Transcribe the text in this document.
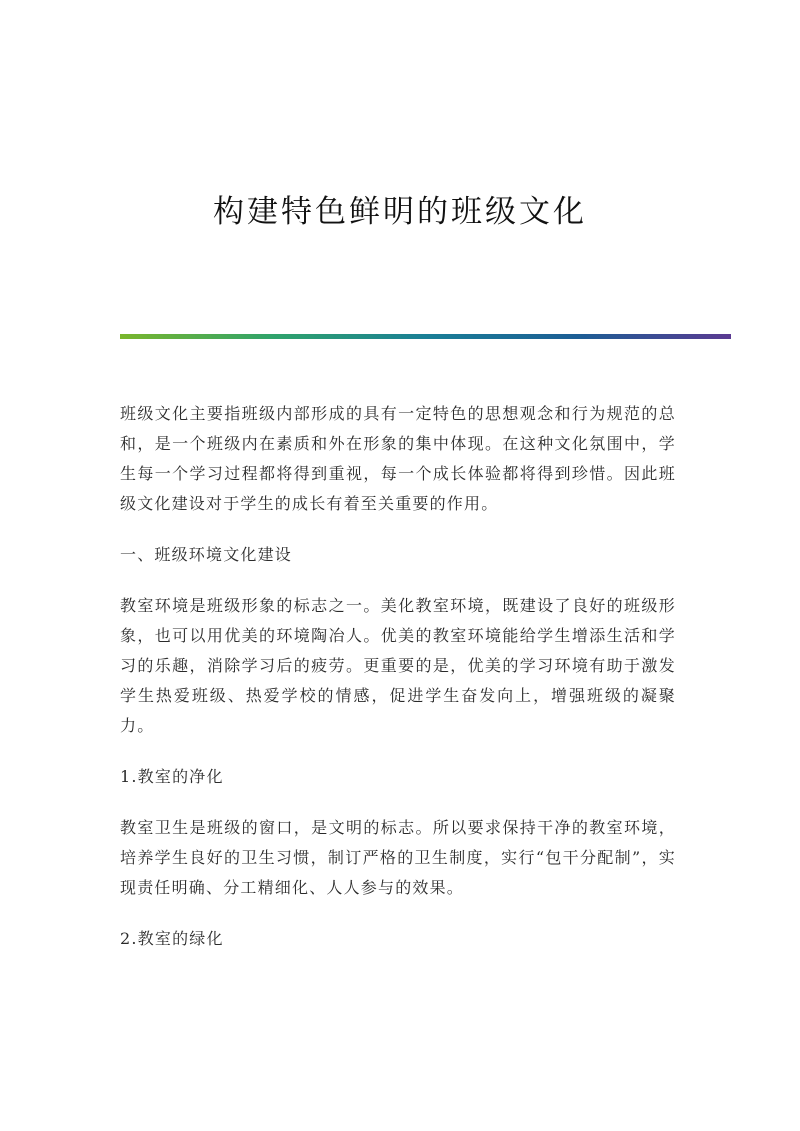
构建特色鲜明的班级文化

班级文化主要指班级内部形成的具有一定特色的思想观念和行为规范的总和，是一个班级内在素质和外在形象的集中体现。在这种文化氛围中，学生每一个学习过程都将得到重视，每一个成长体验都将得到珍惜。因此班级文化建设对于学生的成长有着至关重要的作用。

一、班级环境文化建设

教室环境是班级形象的标志之一。美化教室环境，既建设了良好的班级形象，也可以用优美的环境陶冶人。优美的教室环境能给学生增添生活和学习的乐趣，消除学习后的疲劳。更重要的是，优美的学习环境有助于激发学生热爱班级、热爱学校的情感，促进学生奋发向上，增强班级的凝聚力。

1.教室的净化

教室卫生是班级的窗口，是文明的标志。所以要求保持干净的教室环境，培养学生良好的卫生习惯，制订严格的卫生制度，实行“包干分配制”，实现责任明确、分工精细化、人人参与的效果。

2.教室的绿化
